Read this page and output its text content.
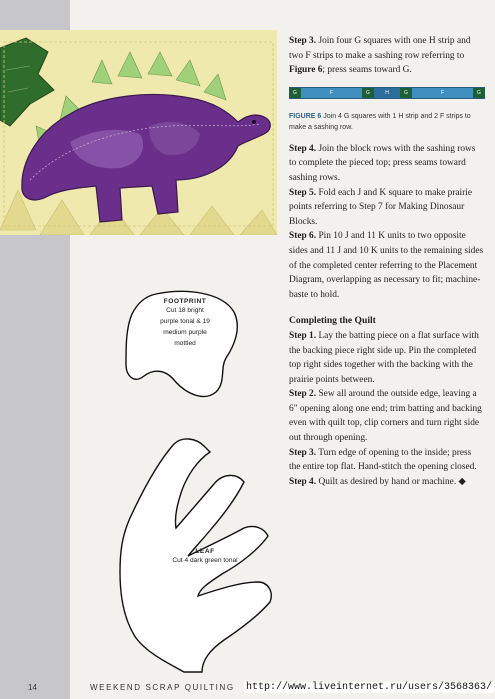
Step 3. Join four G squares with one H strip and two F strips to make a sashing row referring to Figure 6; press seams toward G.

G	F	G	H	G	F	G

FIGURE 6 Join 4 G squares with 1 H strip and 2 F strips to make a sashing row.

Step 4. Join the block rows with the sashing rows to complete the pieced top; press seams toward sashing rows.

Step 5. Fold each J and K square to make prairie points referring to Step 7 for Making Dinosaur Blocks.

Step 6. Pin 10 J and 11 K units to two opposite sides and 11 J and 10 K units to the remaining sides of the completed center referring to the Placement Diagram, overlapping as necessary to fit; machine-baste to hold.

Completing the Quilt

Step 1. Lay the batting piece on a flat surface with the backing piece right side up. Pin the completed top right sides together with the backing with the prairie points between.

Step 2. Sew all around the outside edge, leaving a 6" opening along one end; trim batting and backing even with quilt top, clip corners and turn right side out through opening.

Step 3. Turn edge of opening to the inside; press the entire top flat. Hand-stitch the opening closed.

Step 4. Quilt as desired by hand or machine. ◆

FOOTPRINT
Cut 18 bright
purple tonal & 19
medium purple
mottled
LEAF
Cut 4 dark green tonal
14	WEEKEND SCRAP QUILTING http://www.liveinternet.ru/users/3568363/
